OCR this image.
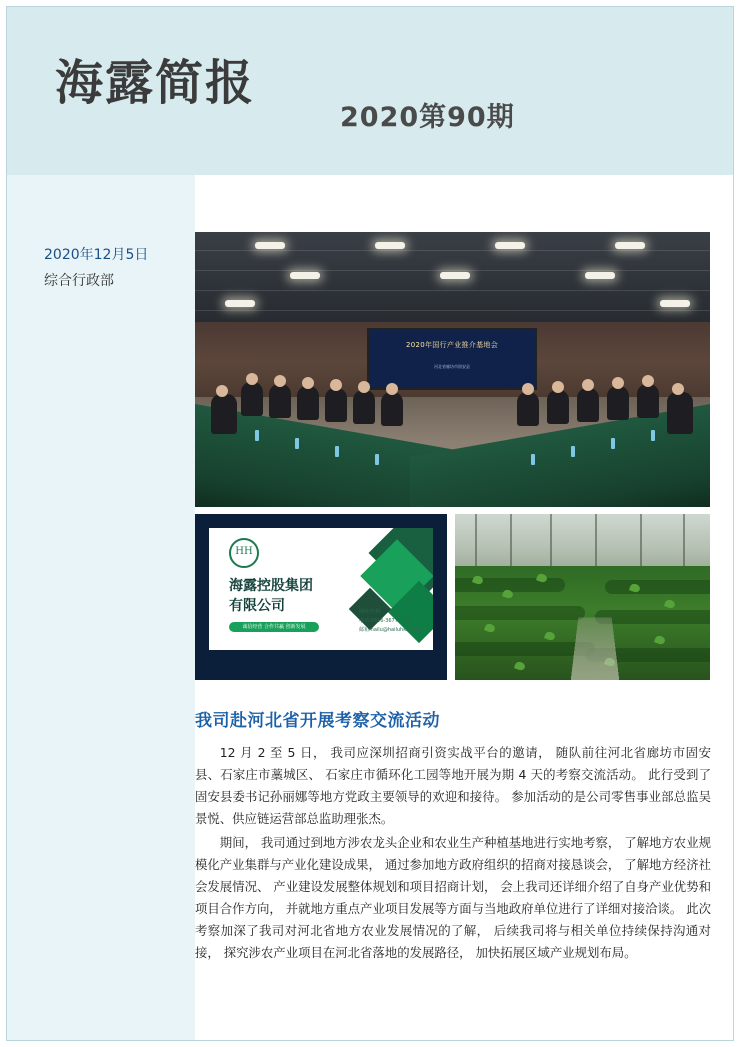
海露简报
2020第90期
2020年12月5日
综合行政部
2020年国行产业推介基地会
河北省廊坊市固安县
HH
海露控股集团
有限公司
诚信经营 合作共赢 创新发展
网址/官网
电话:0316-36771038
邮箱:hailu@hailuhkz.com
我司赴河北省开展考察交流活动

12 月 2 至 5 日， 我司应深圳招商引资实战平台的邀请， 随队前往河北省廊坊市固安县、石家庄市藁城区、 石家庄市循环化工园等地开展为期 4 天的考察交流活动。 此行受到了固安县委书记孙丽娜等地方党政主要领导的欢迎和接待。 参加活动的是公司零售事业部总监吴景悦、供应链运营部总监助理张杰。

期间， 我司通过到地方涉农龙头企业和农业生产种植基地进行实地考察， 了解地方农业规模化产业集群与产业化建设成果， 通过参加地方政府组织的招商对接恳谈会， 了解地方经济社会发展情况、 产业建设发展整体规划和项目招商计划， 会上我司还详细介绍了自身产业优势和项目合作方向， 并就地方重点产业项目发展等方面与当地政府单位进行了详细对接洽谈。 此次考察加深了我司对河北省地方农业发展情况的了解， 后续我司将与相关单位持续保持沟通对接， 探究涉农产业项目在河北省落地的发展路径， 加快拓展区域产业规划布局。
